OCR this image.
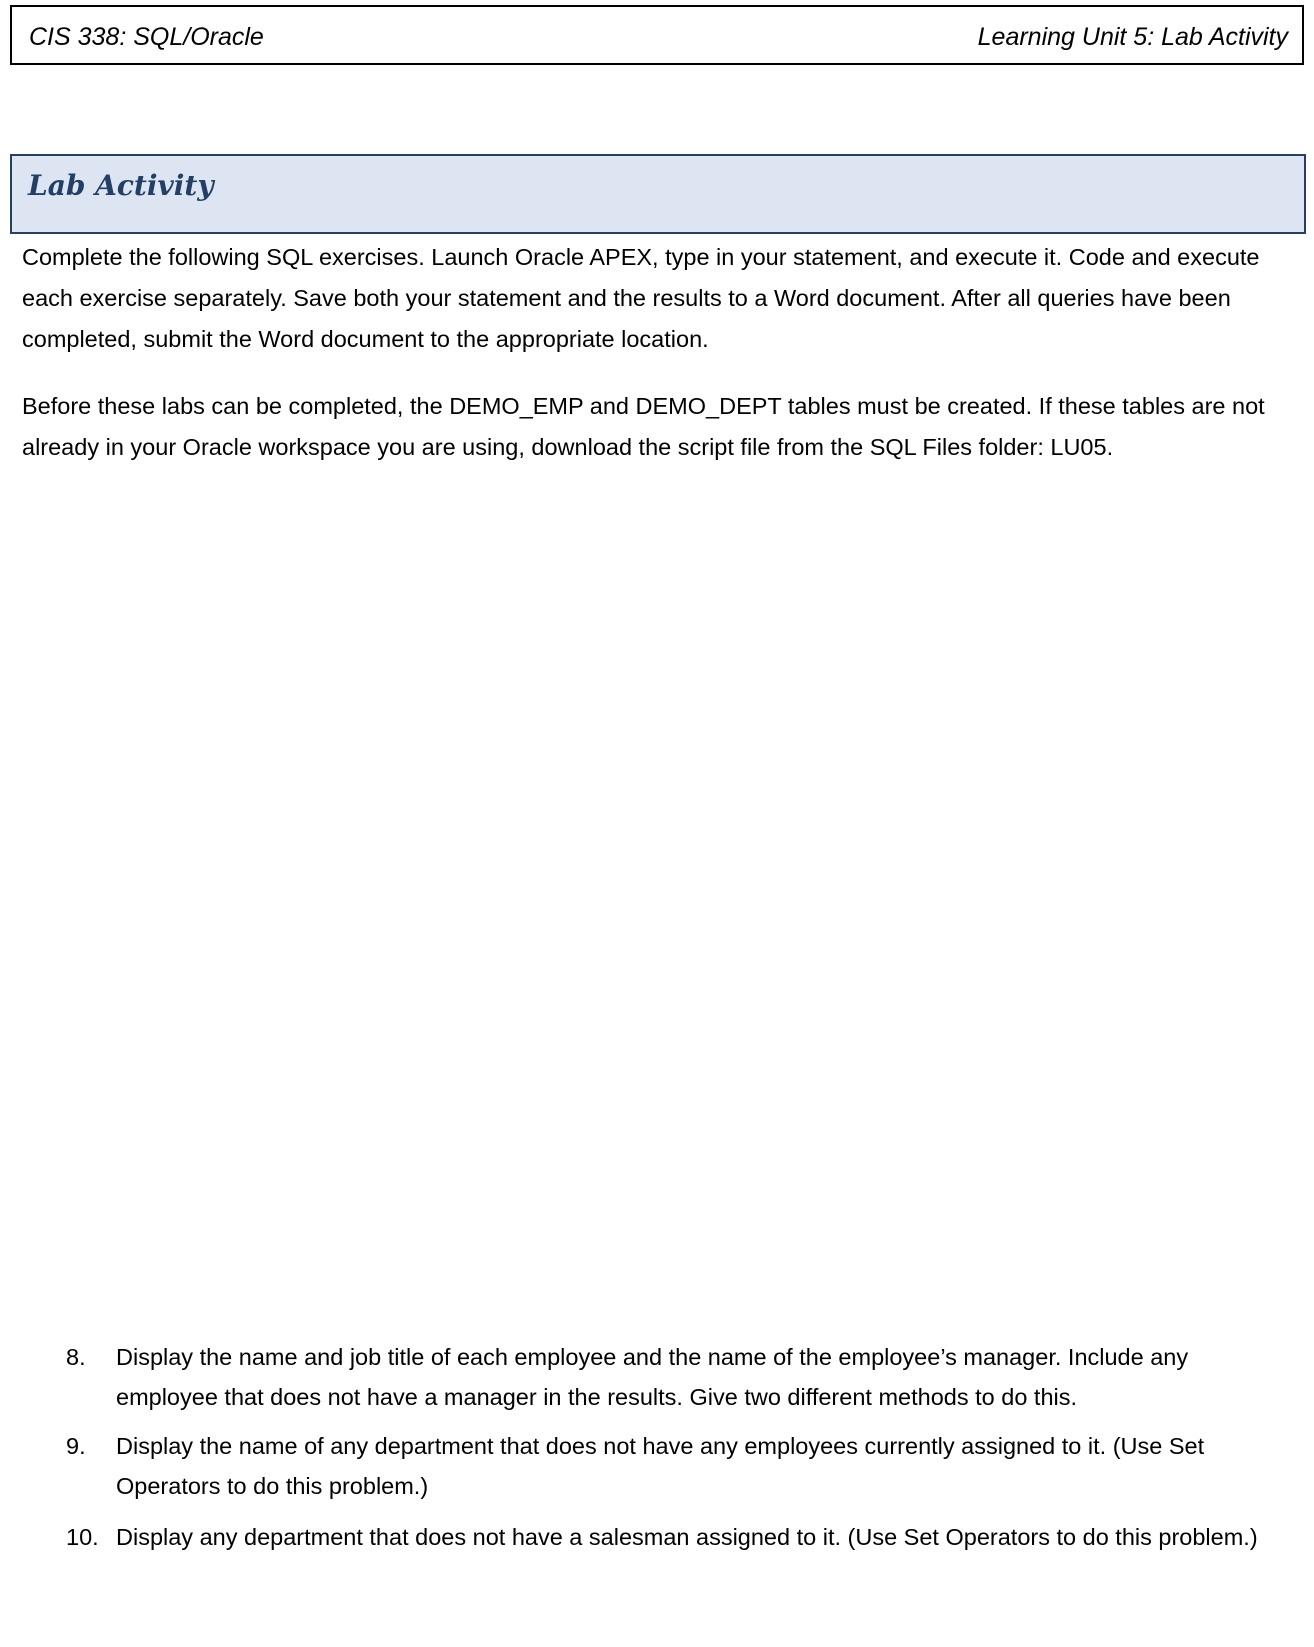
CIS 338: SQL/Oracle	Learning Unit 5: Lab Activity
Lab Activity

Complete the following SQL exercises. Launch Oracle APEX, type in your statement, and execute it. Code and execute each exercise separately. Save both your statement and the results to a Word document. After all queries have been completed, submit the Word document to the appropriate location.

Before these labs can be completed, the DEMO_EMP and DEMO_DEPT tables must be created. If these tables are not already in your Oracle workspace you are using, download the script file from the SQL Files folder: LU05.

8.	Display the name and job title of each employee and the name of the employee’s manager. Include any employee that does not have a manager in the results. Give two different methods to do this.
9.	Display the name of any department that does not have any employees currently assigned to it. (Use Set Operators to do this problem.)
10. Display any department that does not have a salesman assigned to it. (Use Set Operators to do this problem.)
